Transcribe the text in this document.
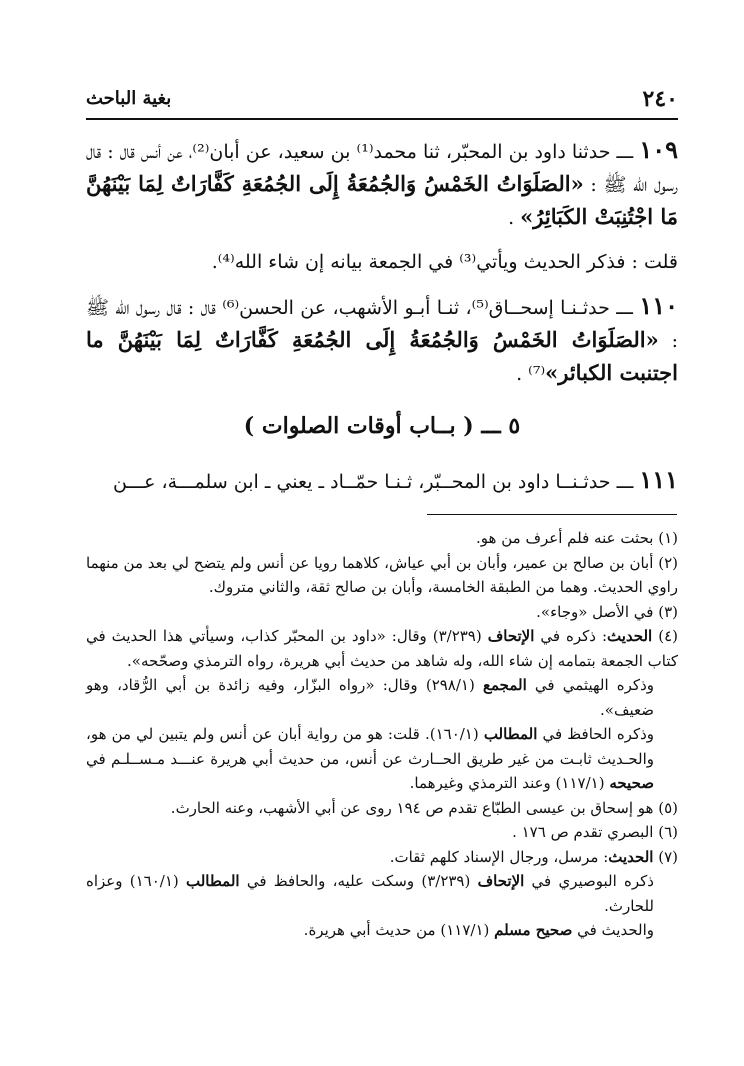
٢٤٠
بغية الباحث

١٠٩ ـــ حدثنا داود بن المحبّر، ثنا محمد⁽¹⁾ بن سعيد، عن أبان⁽²⁾، عن أنس قال : قال رسول الله ﷺ : «الصَلَوَاتُ الخَمْسُ وَالجُمُعَةُ إِلَى الجُمُعَةِ كَفَّارَاتٌ لِمَا بَيْنَهُنَّ مَا اجْتُنِبَتْ الكَبَائِرُ» .

قلت : فذكر الحديث ويأتي⁽³⁾ في الجمعة بيانه إن شاء الله⁽⁴⁾.

١١٠ ـــ حدثـنـا إسحــاق⁽⁵⁾، ثنـا أبـو الأشهب، عن الحسن⁽⁶⁾ قال : قال رسول الله ﷺ : «الصَلَوَاتُ الخَمْسُ وَالجُمُعَةُ إِلَى الجُمُعَةِ كَفَّارَاتٌ لِمَا بَيْنَهُنَّ ما اجتنبت الكبائر»⁽⁷⁾ .

٥ ـــ ( بــاب أوقات الصلوات )

١١١ ـــ حدثـنــا داود بن المحــبّر، ثـنـا حمّــاد ـ يعني ـ ابن سلمـــة، عـــن

(١) بحثت عنه فلم أعرف من هو.

(٢) أبان بن صالح بن عمير، وأبان بن أبي عياش، كلاهما رويا عن أنس ولم يتضح لي بعد من منهما راوي الحديث. وهما من الطبقة الخامسة، وأبان بن صالح ثقة، والثاني متروك.

(٣) في الأصل «وجاء».

(٤) الحديث: ذكره في الإتحاف (٣/٢٣٩) وقال: «داود بن المحبّر كذاب، وسيأتي هذا الحديث في كتاب الجمعة بتمامه إن شاء الله، وله شاهد من حديث أبي هريرة، رواه الترمذي وصحّحه».

وذكره الهيثمي في المجمع (٢٩٨/١) وقال: «رواه البزّار، وفيه زائدة بن أبي الرُّقاد، وهو ضعيف».

وذكره الحافظ في المطالب (١٦٠/١). قلت: هو من رواية أبان عن أنس ولم يتبين لي من هو، والحـديث ثابـت من غير طريق الحــارث عن أنس، من حديث أبي هريرة عنـــد مـســلـم في صحيحه (١١٧/١) وعند الترمذي وغيرهما.

(٥) هو إسحاق بن عيسى الطبّاع تقدم ص ١٩٤ روى عن أبي الأشهب، وعنه الحارث.

(٦) البصري تقدم ص ١٧٦ .

(٧) الحديث: مرسل، ورجال الإسناد كلهم ثقات.

ذكره البوصيري في الإتحاف (٣/٢٣٩) وسكت عليه، والحافظ في المطالب (١٦٠/١) وعزاه للحارث.

والحديث في صحيح مسلم (١١٧/١) من حديث أبي هريرة.
